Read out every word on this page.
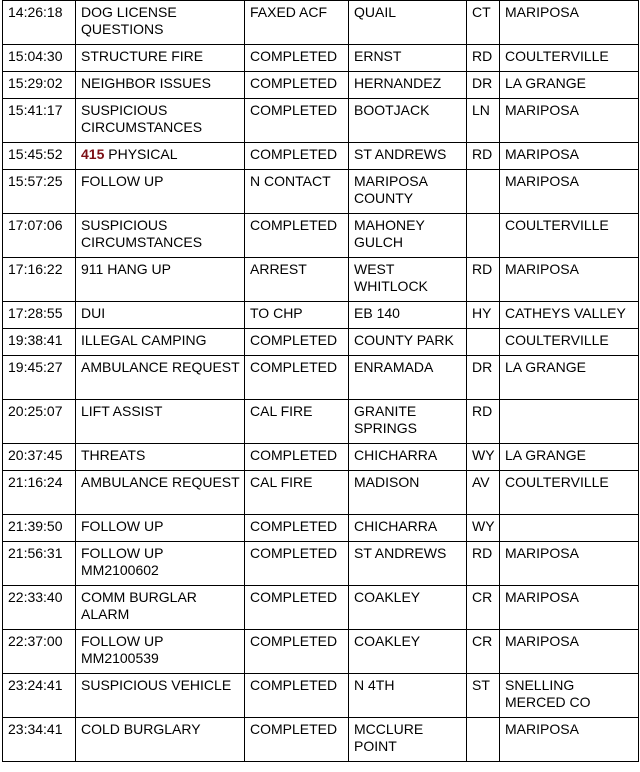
14:26:18	DOG LICENSE QUESTIONS	FAXED ACF	QUAIL	CT	MARIPOSA
15:04:30	STRUCTURE FIRE	COMPLETED	ERNST	RD	COULTERVILLE
15:29:02	NEIGHBOR ISSUES	COMPLETED	HERNANDEZ	DR	LA GRANGE
15:41:17	SUSPICIOUS CIRCUMSTANCES	COMPLETED	BOOTJACK	LN	MARIPOSA
15:45:52	415 PHYSICAL	COMPLETED	ST ANDREWS	RD	MARIPOSA
15:57:25	FOLLOW UP	N CONTACT	MARIPOSA COUNTY		MARIPOSA
17:07:06	SUSPICIOUS CIRCUMSTANCES	COMPLETED	MAHONEY GULCH		COULTERVILLE
17:16:22	911 HANG UP	ARREST	WEST WHITLOCK	RD	MARIPOSA
17:28:55	DUI	TO CHP	EB 140	HY	CATHEYS VALLEY
19:38:41	ILLEGAL CAMPING	COMPLETED	COUNTY PARK		COULTERVILLE
19:45:27	AMBULANCE REQUEST	COMPLETED	ENRAMADA	DR	LA GRANGE
20:25:07	LIFT ASSIST	CAL FIRE	GRANITE SPRINGS	RD	
20:37:45	THREATS	COMPLETED	CHICHARRA	WY	LA GRANGE
21:16:24	AMBULANCE REQUEST	CAL FIRE	MADISON	AV	COULTERVILLE
21:39:50	FOLLOW UP	COMPLETED	CHICHARRA	WY	
21:56:31	FOLLOW UP MM2100602	COMPLETED	ST ANDREWS	RD	MARIPOSA
22:33:40	COMM BURGLAR ALARM	COMPLETED	COAKLEY	CR	MARIPOSA
22:37:00	FOLLOW UP MM2100539	COMPLETED	COAKLEY	CR	MARIPOSA
23:24:41	SUSPICIOUS VEHICLE	COMPLETED	N 4TH	ST	SNELLING MERCED CO
23:34:41	COLD BURGLARY	COMPLETED	MCCLURE POINT		MARIPOSA
